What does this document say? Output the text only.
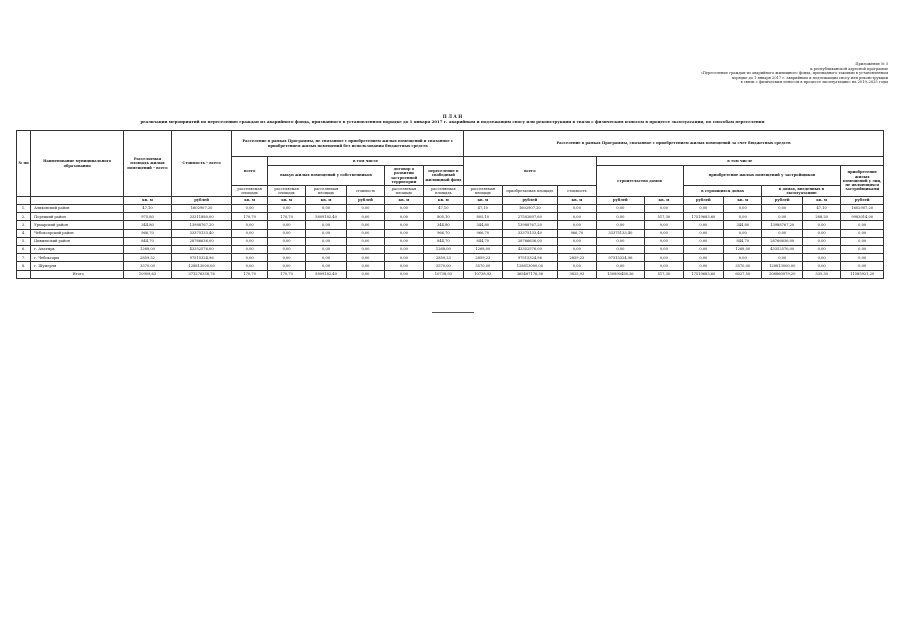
Приложение № 3
к республиканской адресной программе
«Переселение граждан из аварийного жилищного фонда, признанного таковым в установленном
порядке до 1 января 2017 г. аварийным и подлежащим сносу или реконструкции
в связи с физическим износом в процессе эксплуатации» на 2019–2025 годы
П Л А Н
реализации мероприятий по переселению граждан из аварийного фонда, признанного в установленном порядке до 1 января 2017 г. аварийным и подлежащим сносу или реконструкции в связи с физическим износом в процессе эксплуатации, по способам переселения
№ пп	Наименование муниципального образования	Расселяемая площадь жилых помещений – всего	Стоимость – всего	Расселение в рамках Программы, не связанное с приобретением жилых помещений и связанное с приобретением жилых помещений без использования бюджетных средств						Расселение в рамках Программы, связанное с приобретением жилых помещений за счет бюджетных средств									
				всего	в том числе					всего			в том числе						
					выкуп жилых помещений у собственников			договор о развитии застроенной территории	переселение в свободный жилищный фонд				строительство домов		приобретение жилых помещений у застройщиков				приобретение жилых помещений у лиц, не являющихся застройщиками
				расселяемая площадь	расселяемая площадь	расселяемая площадь	стоимость	расселяемая площадь	расселяемая площадь	расселяемая площадь	приобретаемая площадь	стоимость			в строящихся домах		в домах, введенных в эксплуатацию		
		кв. м	рублей	кв. м	кв. м	кв. м	рублей	кв. м	кв. м	кв. м	рублей	кв. м	рублей	кв. м	рублей	кв. м	рублей	кв. м	рублей
1.	Аликовский район	47,10	1602907,20	0,00	0,00	0,00	0,00	0,00	47,10	47,10	1602907,20	0,00	0,00	0,00	0,00	0,00	0,00	47,10	1602907,20
2.	Порецкий район	975,80	33311880,00	170,70	170,70	5809182,40	0,00	0,00	805,10	805,10	27502697,60	0,00	0,00	517,30	17519683,60	0,00	0,00	288,20	9983014,00
3.	Урмарский район	344,80	13988767,20	0,00	0,00	0,00	0,00	0,00	344,80	344,80	13988767,20	0,00	0,00	0,00	0,00	344,80	13988767,20	0,00	0,00
4.	Чебоксарский район	966,70	33375133,40	0,00	0,00	0,00	0,00	0,00	966,70	966,70	33375133,40	966,70	33375133,40	0,00	0,00	0,00	0,00	0,00	0,00
5.	Цивильский район	844,70	28766636,00	0,00	0,00	0,00	0,00	0,00	844,70	844,70	28766636,00	0,00	0,00	0,00	0,00	844,70	28766636,00	0,00	0,00
6.	г. Алатырь	1268,00	43352576,00	0,00	0,00	0,00	0,00	0,00	1268,00	1268,00	43352576,00	0,00	0,00	0,00	0,00	1268,00	43352576,00	0,00	0,00
7.	г. Чебоксары	2859,52	97515324,96	0,00	0,00	0,00	0,00	0,00	2859,23	2859,23	97515324,96	2859,23	97515324,96	0,00	0,00	0,00	0,00	0,00	0,00
8.	г. Шумерля	3570,00	128813000,00	0,00	0,00	0,00	0,00	0,00	3570,00	3570,00	128813000,00	0,00	0,00	0,00	0,00	3570,00	128813000,00	0,00	0,00
	Итого	10909,63	371276358,76	170,70	170,70	5809182,40	0,00	0,00	10738,93	10738,93	365467176,36	3825,93	130890458,36	517,30	17519683,60	6027,50	208860979,20	335,30	11585921,20
